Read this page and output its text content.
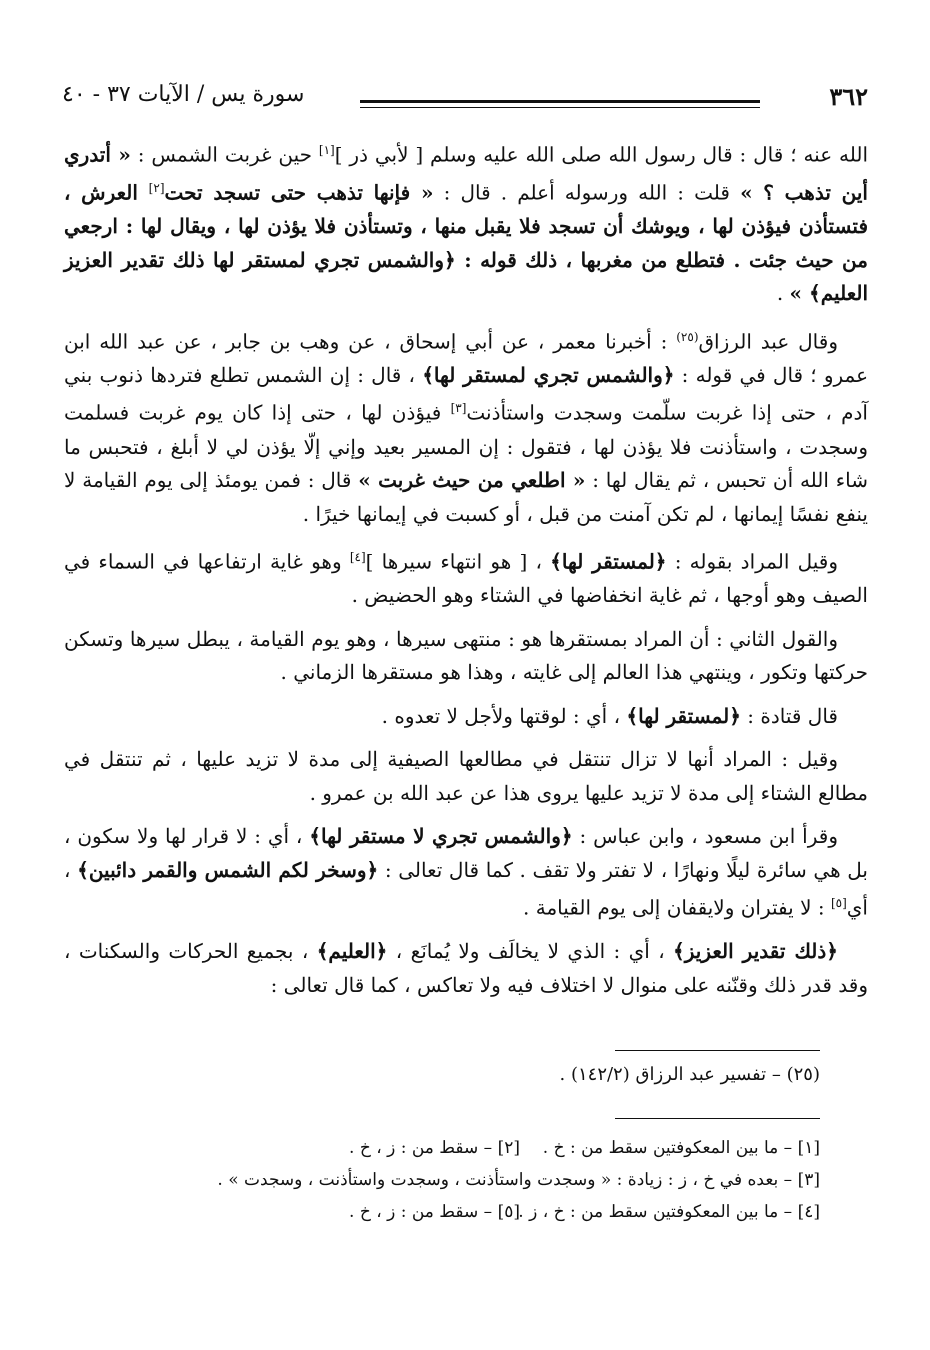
٣٦٢
سورة يس / الآيات ٣٧ - ٤٠

الله عنه ؛ قال : قال رسول الله صلى الله عليه وسلم [ لأبي ذر ][١] حين غربت الشمس : « أتدري أين تذهب ؟ » قلت : الله ورسوله أعلم . قال : « فإنها تذهب حتى تسجد تحت[٢] العرش ، فتستأذن فيؤذن لها ، ويوشك أن تسجد فلا يقبل منها ، وتستأذن فلا يؤذن لها ، ويقال لها : ارجعي من حيث جئت . فتطلع من مغربها ، ذلك قوله : ﴿والشمس تجري لمستقر لها ذلك تقدير العزيز العليم﴾ » .

وقال عبد الرزاق$^{(٢٥)}$ : أخبرنا معمر ، عن أبي إسحاق ، عن وهب بن جابر ، عن عبد الله ابن عمرو ؛ قال في قوله : ﴿والشمس تجري لمستقر لها﴾ ، قال : إن الشمس تطلع فتردها ذنوب بني آدم ، حتى إذا غربت سلّمت وسجدت واستأذنت[٣] فيؤذن لها ، حتى إذا كان يوم غربت فسلمت وسجدت ، واستأذنت فلا يؤذن لها ، فتقول : إن المسير بعيد وإني إلّا يؤذن لي لا أبلغ ، فتحبس ما شاء الله أن تحبس ، ثم يقال لها : « اطلعي من حيث غربت » قال : فمن يومئذ إلى يوم القيامة لا ينفع نفسًا إيمانها ، لم تكن آمنت من قبل ، أو كسبت في إيمانها خيرًا .

وقيل المراد بقوله : ﴿لمستقر لها﴾ ، [ هو انتهاء سيرها ][٤] وهو غاية ارتفاعها في السماء في الصيف وهو أوجها ، ثم غاية انخفاضها في الشتاء وهو الحضيض .

والقول الثاني : أن المراد بمستقرها هو : منتهى سيرها ، وهو يوم القيامة ، يبطل سيرها وتسكن حركتها وتكور ، وينتهي هذا العالم إلى غايته ، وهذا هو مستقرها الزماني .

قال قتادة : ﴿لمستقر لها﴾ ، أي : لوقتها ولأجل لا تعدوه .

وقيل : المراد أنها لا تزال تنتقل في مطالعها الصيفية إلى مدة لا تزيد عليها ، ثم تنتقل في مطالع الشتاء إلى مدة لا تزيد عليها يروى هذا عن عبد الله بن عمرو .

وقرأ ابن مسعود ، وابن عباس : ﴿والشمس تجري لا مستقر لها﴾ ، أي : لا قرار لها ولا سكون ، بل هي سائرة ليلًا ونهارًا ، لا تفتر ولا تقف . كما قال تعالى : ﴿وسخر لكم الشمس والقمر دائبين﴾ ، أي[٥] : لا يفتران ولايقفان إلى يوم القيامة .

﴿ذلك تقدير العزيز﴾ ، أي : الذي لا يخالَف ولا يُمانَع ، ﴿العليم﴾ ، بجميع الحركات والسكنات ، وقد قدر ذلك وقنّنه على منوال لا اختلاف فيه ولا تعاكس ، كما قال تعالى :

(٢٥) – تفسير عبد الرزاق (١٤٢/٢) .
[١] – ما بين المعكوفتين سقط من : خ .
[٢] – سقط من : ز ، خ .
[٣] – بعده في خ ، ز : زيادة : « وسجدت واستأذنت ، وسجدت واستأذنت ، وسجدت » .
[٤] – ما بين المعكوفتين سقط من : خ ، ز .
[٥] – سقط من : ز ، خ .
